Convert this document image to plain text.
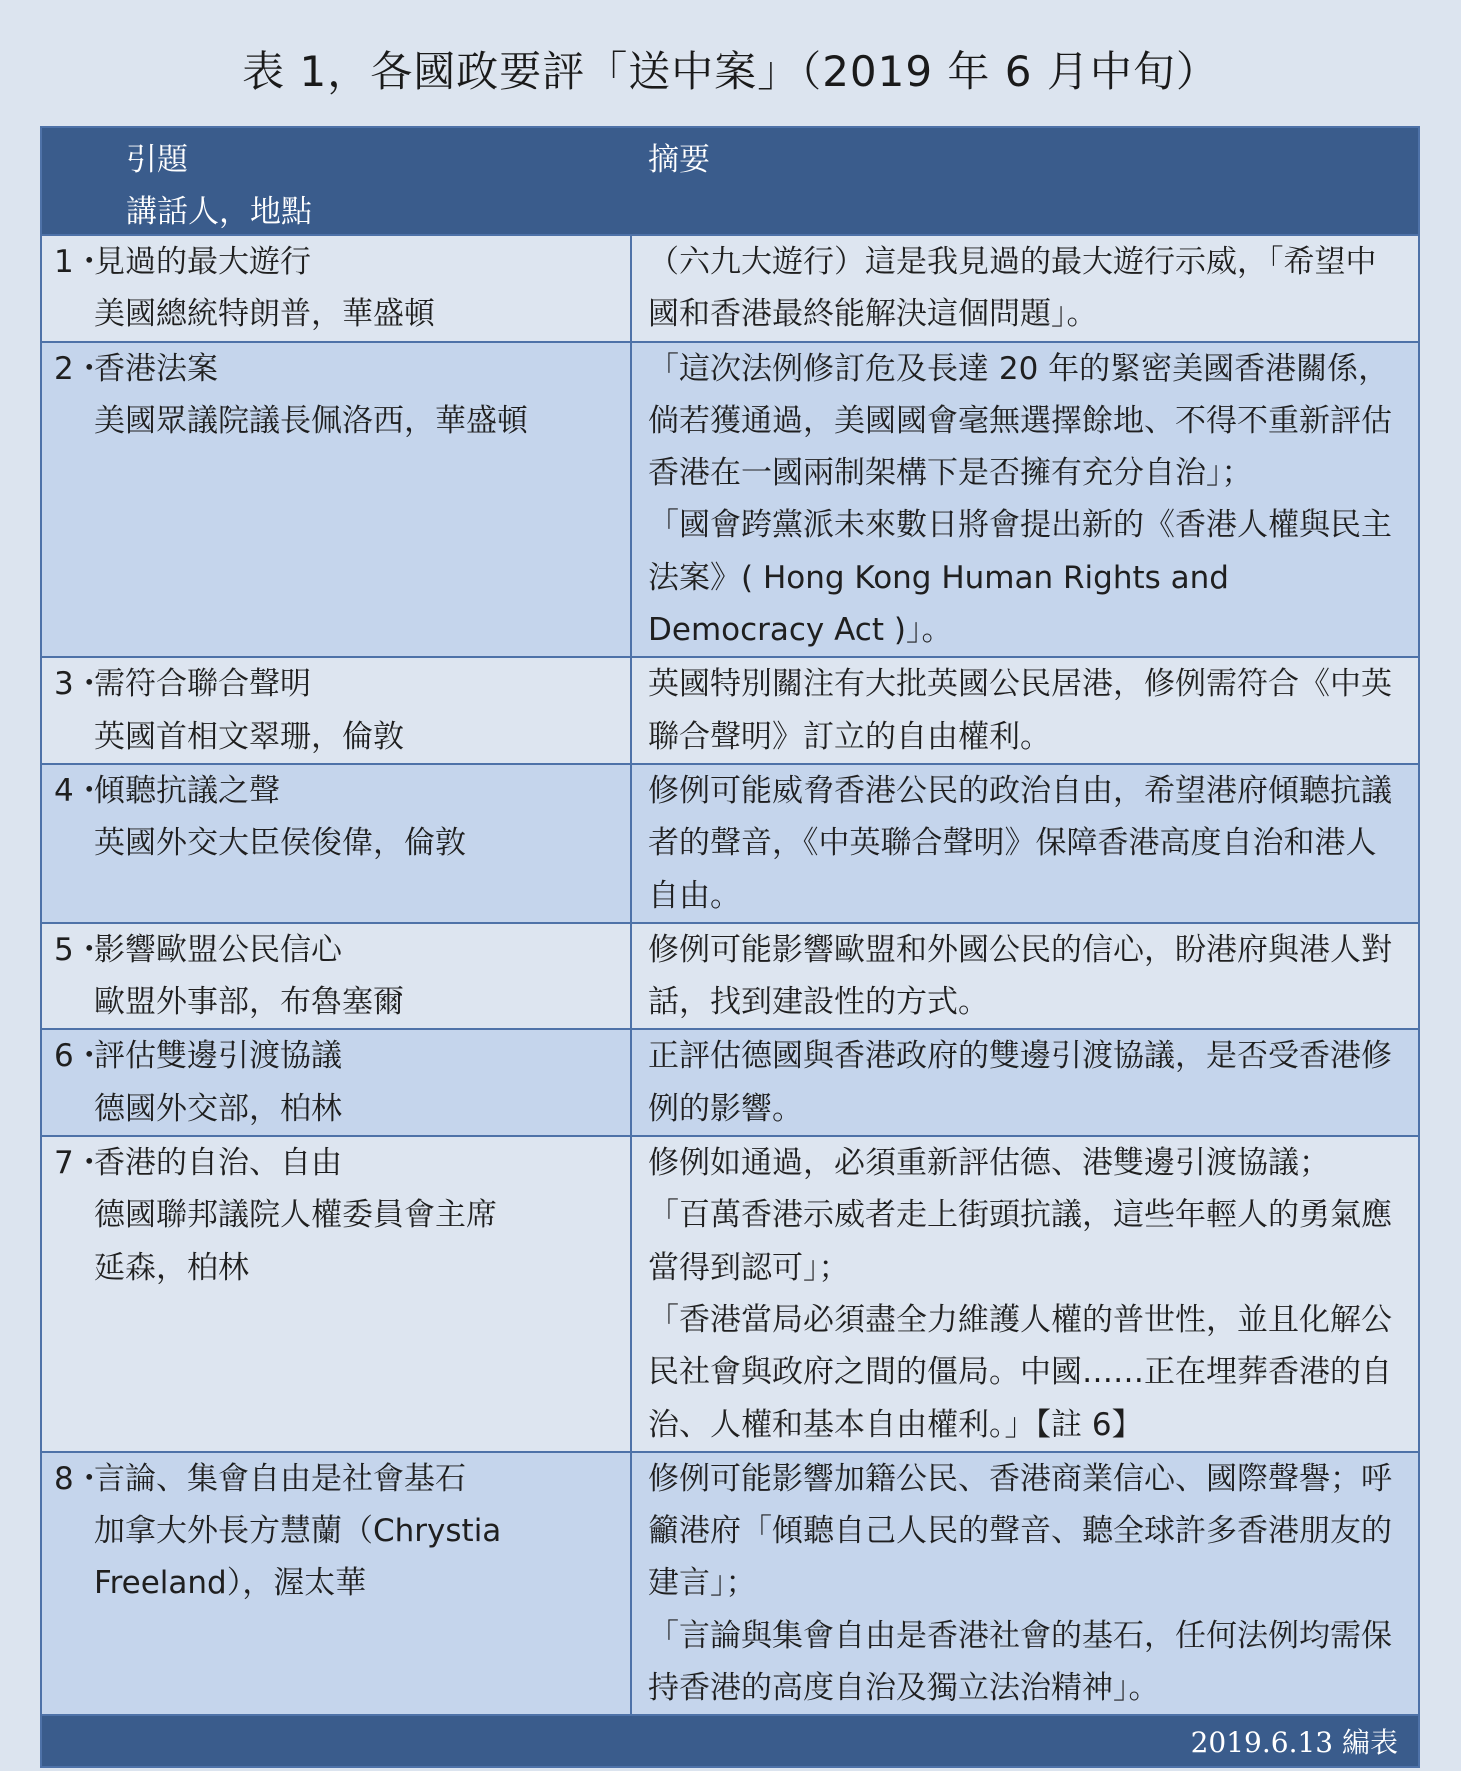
表 1，各國政要評「送中案」（2019 年 6 月中旬）
引題
講話人，地點
摘要
1・
見過的最大遊行
美國總統特朗普，華盛頓
（六九大遊行）這是我見過的最大遊行示威，「希望中國和香港最終能解決這個問題」。
2・
香港法案
美國眾議院議長佩洛西，華盛頓
「這次法例修訂危及長達 20 年的緊密美國香港關係，倘若獲通過，美國國會毫無選擇餘地、不得不重新評估香港在一國兩制架構下是否擁有充分自治」；
「國會跨黨派未來數日將會提出新的《香港人權與民主法案》( Hong Kong Human Rights and Democracy Act )」。
3・
需符合聯合聲明
英國首相文翠珊，倫敦
英國特別關注有大批英國公民居港，修例需符合《中英聯合聲明》訂立的自由權利。
4・
傾聽抗議之聲
英國外交大臣侯俊偉，倫敦
修例可能威脅香港公民的政治自由，希望港府傾聽抗議者的聲音，《中英聯合聲明》保障香港高度自治和港人自由。
5・
影響歐盟公民信心
歐盟外事部，布魯塞爾
修例可能影響歐盟和外國公民的信心，盼港府與港人對話，找到建設性的方式。
6・
評估雙邊引渡協議
德國外交部，柏林
正評估德國與香港政府的雙邊引渡協議，是否受香港修例的影響。
7・
香港的自治、自由
德國聯邦議院人權委員會主席
延森，柏林
修例如通過，必須重新評估德、港雙邊引渡協議；
「百萬香港示威者走上街頭抗議，這些年輕人的勇氣應當得到認可」；
「香港當局必須盡全力維護人權的普世性，並且化解公民社會與政府之間的僵局。中國……正在埋葬香港的自治、人權和基本自由權利。」【註 6】
8・
言論、集會自由是社會基石
加拿大外長方慧蘭（Chrystia
Freeland），渥太華
修例可能影響加籍公民、香港商業信心、國際聲譽；呼籲港府「傾聽自己人民的聲音、聽全球許多香港朋友的建言」；
「言論與集會自由是香港社會的基石，任何法例均需保持香港的高度自治及獨立法治精神」。
2019.6.13 編表
